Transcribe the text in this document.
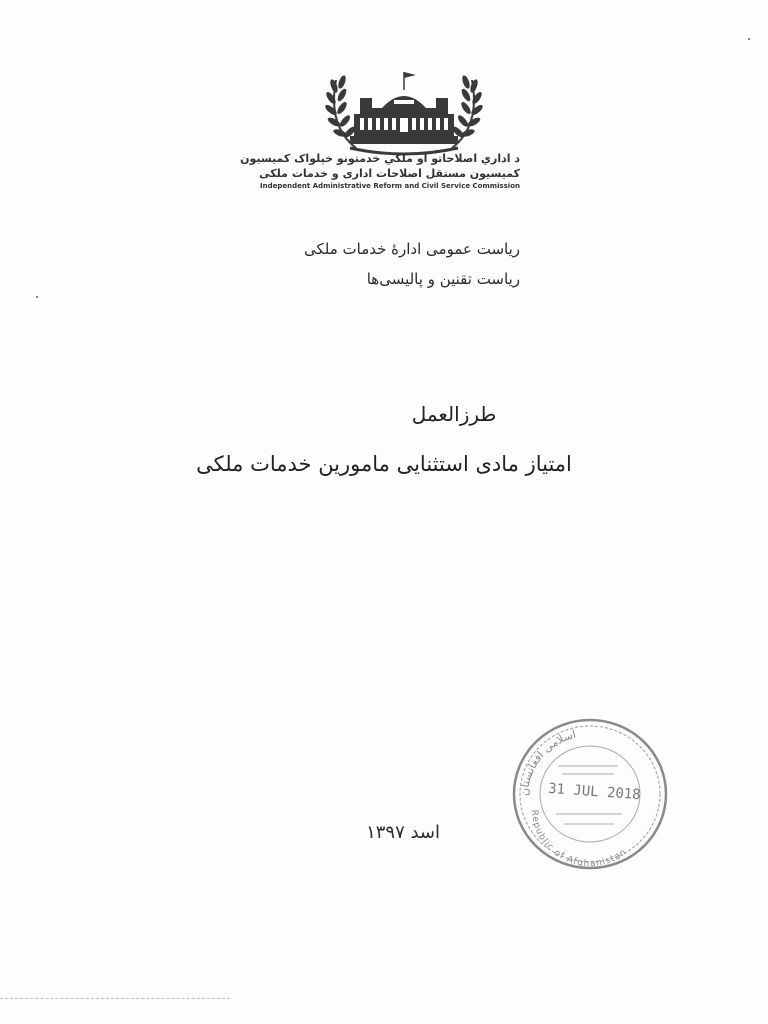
د اداري اصلاحاتو او ملکي خدمتونو خپلواک کمیسیون
کمیسیون مستقل اصلاحات اداری و خدمات ملکی
Independent Administrative Reform and Civil Service Commission
ریاست عمومی ادارهٔ خدمات ملکی
ریاست تقنین و پالیسی‌ها
طرزالعمل
امتیاز مادی استثنایی مامورین خدمات ملکی
اسد ۱۳۹۷
اسلامی افغانستان
Republic of Afghanistan
31 JUL 2018
